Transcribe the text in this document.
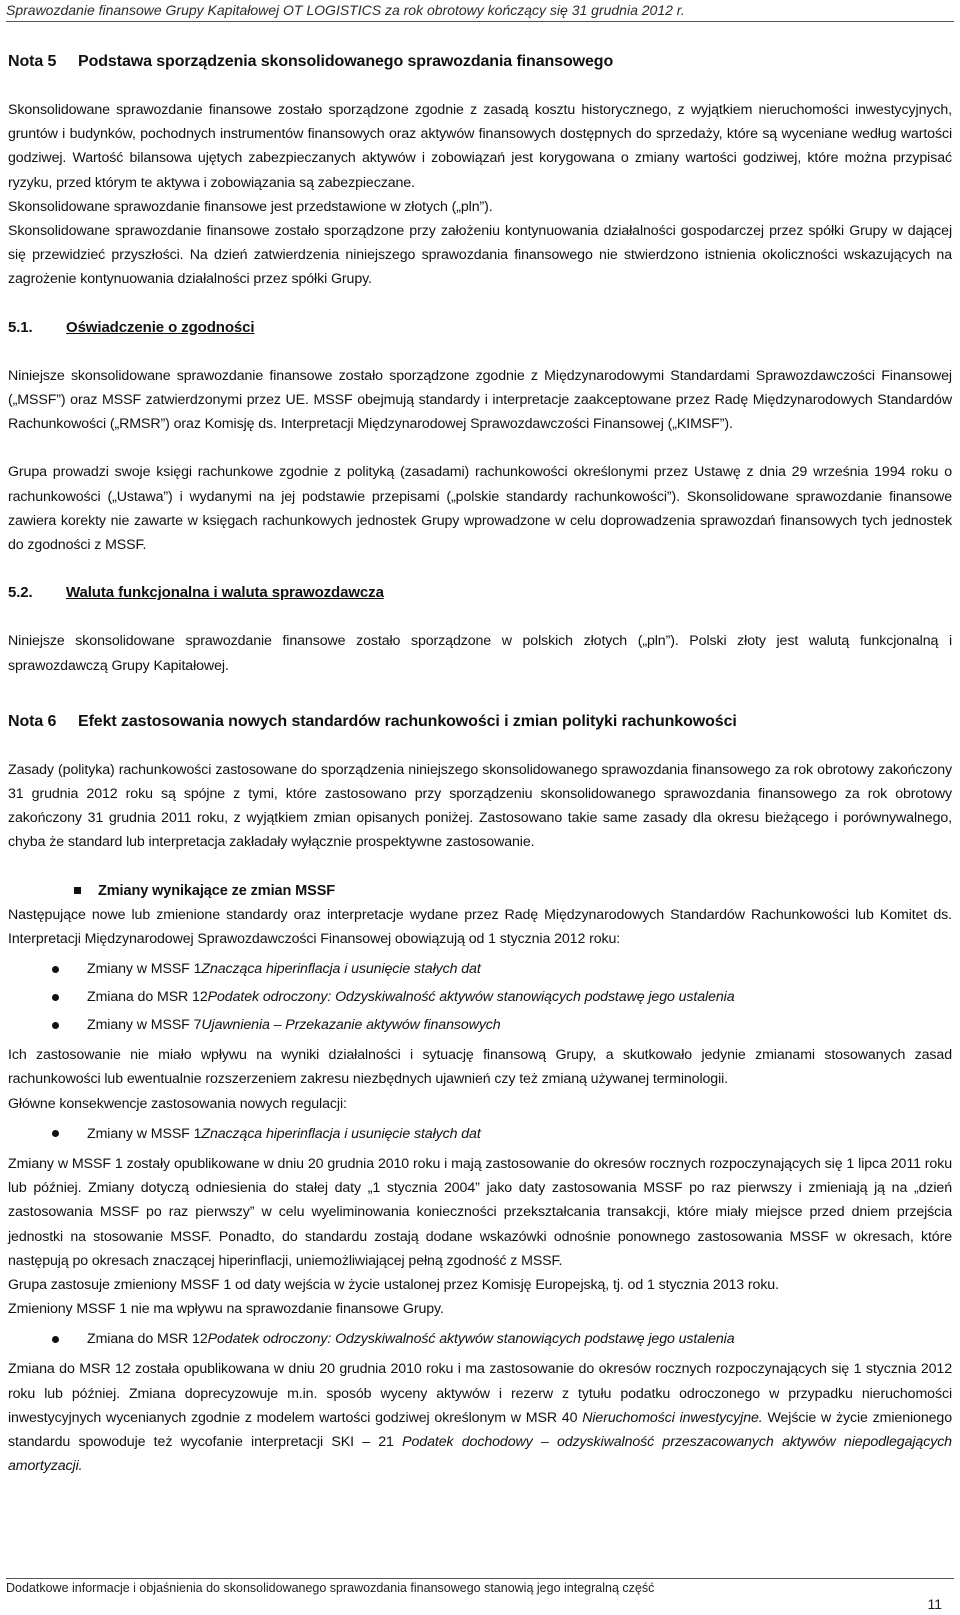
Sprawozdanie finansowe Grupy Kapitałowej OT LOGISTICS za rok obrotowy kończący się 31 grudnia 2012 r.
Nota 5	Podstawa sporządzenia skonsolidowanego sprawozdania finansowego

Skonsolidowane sprawozdanie finansowe zostało sporządzone zgodnie z zasadą kosztu historycznego, z wyjątkiem nieruchomości inwestycyjnych, gruntów i budynków, pochodnych instrumentów finansowych oraz aktywów finansowych dostępnych do sprzedaży, które są wyceniane według wartości godziwej. Wartość bilansowa ujętych zabezpieczanych aktywów i zobowiązań jest korygowana o zmiany wartości godziwej, które można przypisać ryzyku, przed którym te aktywa i zobowiązania są zabezpieczane.

Skonsolidowane sprawozdanie finansowe jest przedstawione w złotych („pln”).

Skonsolidowane sprawozdanie finansowe zostało sporządzone przy założeniu kontynuowania działalności gospodarczej przez spółki Grupy w dającej się przewidzieć przyszłości. Na dzień zatwierdzenia niniejszego sprawozdania finansowego nie stwierdzono istnienia okoliczności wskazujących na zagrożenie kontynuowania działalności przez spółki Grupy.

5.1.	Oświadczenie o zgodności

Niniejsze skonsolidowane sprawozdanie finansowe zostało sporządzone zgodnie z Międzynarodowymi Standardami Sprawozdawczości Finansowej („MSSF”) oraz MSSF zatwierdzonymi przez UE. MSSF obejmują standardy i interpretacje zaakceptowane przez Radę Międzynarodowych Standardów Rachunkowości („RMSR”) oraz Komisję ds. Interpretacji Międzynarodowej Sprawozdawczości Finansowej („KIMSF”).

Grupa prowadzi swoje księgi rachunkowe zgodnie z polityką (zasadami) rachunkowości określonymi przez Ustawę z dnia 29 września 1994 roku o rachunkowości („Ustawa”) i wydanymi na jej podstawie przepisami („polskie standardy rachunkowości”). Skonsolidowane sprawozdanie finansowe zawiera korekty nie zawarte w księgach rachunkowych jednostek Grupy wprowadzone w celu doprowadzenia sprawozdań finansowych tych jednostek do zgodności z MSSF.

5.2.	Waluta funkcjonalna i waluta sprawozdawcza

Niniejsze skonsolidowane sprawozdanie finansowe zostało sporządzone w polskich złotych („pln”). Polski złoty jest walutą funkcjonalną i sprawozdawczą Grupy Kapitałowej.

Nota 6	Efekt zastosowania nowych standardów rachunkowości i zmian polityki rachunkowości

Zasady (polityka) rachunkowości zastosowane do sporządzenia niniejszego skonsolidowanego sprawozdania finansowego za rok obrotowy zakończony 31 grudnia 2012 roku są spójne z tymi, które zastosowano przy sporządzeniu skonsolidowanego sprawozdania finansowego za rok obrotowy zakończony 31 grudnia 2011 roku, z wyjątkiem zmian opisanych poniżej. Zastosowano takie same zasady dla okresu bieżącego i porównywalnego, chyba że standard lub interpretacja zakładały wyłącznie prospektywne zastosowanie.

Zmiany wynikające ze zmian MSSF

Następujące nowe lub zmienione standardy oraz interpretacje wydane przez Radę Międzynarodowych Standardów Rachunkowości lub Komitet ds. Interpretacji Międzynarodowej Sprawozdawczości Finansowej obowiązują od 1 stycznia 2012 roku:

Zmiany w MSSF 1 Znacząca hiperinflacja i usunięcie stałych dat
Zmiana do MSR 12 Podatek odroczony: Odzyskiwalność aktywów stanowiących podstawę jego ustalenia
Zmiany w MSSF 7 Ujawnienia – Przekazanie aktywów finansowych

Ich zastosowanie nie miało wpływu na wyniki działalności i sytuację finansową Grupy, a skutkowało jedynie zmianami stosowanych zasad rachunkowości lub ewentualnie rozszerzeniem zakresu niezbędnych ujawnień czy też zmianą używanej terminologii.

Główne konsekwencje zastosowania nowych regulacji:

Zmiany w MSSF 1 Znacząca hiperinflacja i usunięcie stałych dat

Zmiany w MSSF 1 zostały opublikowane w dniu 20 grudnia 2010 roku i mają zastosowanie do okresów rocznych rozpoczynających się 1 lipca 2011 roku lub później. Zmiany dotyczą odniesienia do stałej daty „1 stycznia 2004” jako daty zastosowania MSSF po raz pierwszy i zmieniają ją na „dzień zastosowania MSSF po raz pierwszy” w celu wyeliminowania konieczności przekształcania transakcji, które miały miejsce przed dniem przejścia jednostki na stosowanie MSSF. Ponadto, do standardu zostają dodane wskazówki odnośnie ponownego zastosowania MSSF w okresach, które następują po okresach znaczącej hiperinflacji, uniemożliwiającej pełną zgodność z MSSF.

Grupa zastosuje zmieniony MSSF 1 od daty wejścia w życie ustalonej przez Komisję Europejską, tj. od 1 stycznia 2013 roku.

Zmieniony MSSF 1 nie ma wpływu na sprawozdanie finansowe Grupy.

Zmiana do MSR 12 Podatek odroczony: Odzyskiwalność aktywów stanowiących podstawę jego ustalenia

Zmiana do MSR 12 została opublikowana w dniu 20 grudnia 2010 roku i ma zastosowanie do okresów rocznych rozpoczynających się 1 stycznia 2012 roku lub później. Zmiana doprecyzowuje m.in. sposób wyceny aktywów i rezerw z tytułu podatku odroczonego w przypadku nieruchomości inwestycyjnych wycenianych zgodnie z modelem wartości godziwej określonym w MSR 40 Nieruchomości inwestycyjne. Wejście w życie zmienionego standardu spowoduje też wycofanie interpretacji SKI – 21 Podatek dochodowy – odzyskiwalność przeszacowanych aktywów niepodlegających amortyzacji.

Dodatkowe informacje i objaśnienia do skonsolidowanego sprawozdania finansowego stanowią jego integralną część
11
